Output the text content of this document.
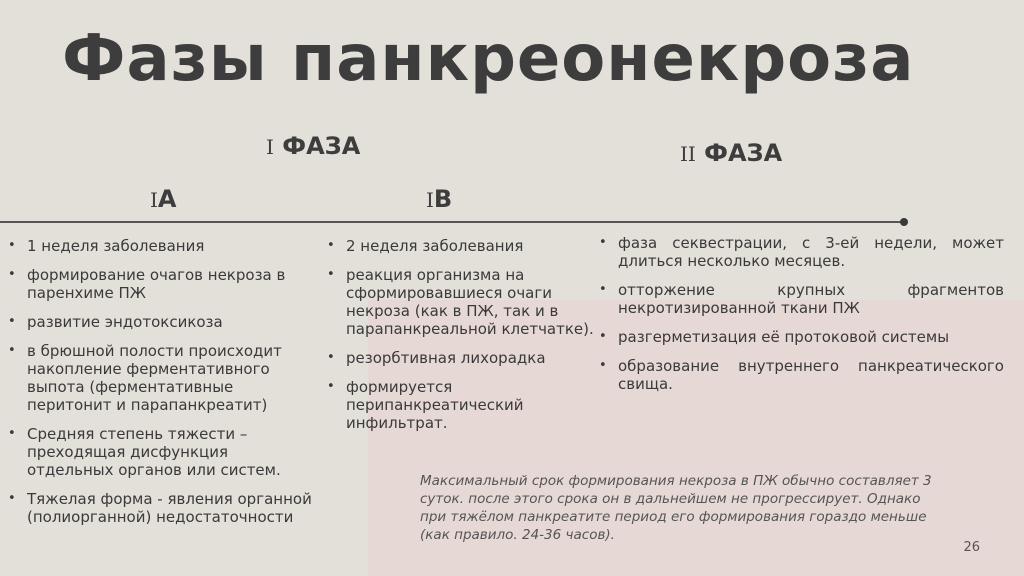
Фазы панкреонекроза
I ФАЗА	II ФАЗА
IА	IВ
• 1 неделя заболевания
• формирование очагов некроза в паренхиме ПЖ
• развитие эндотоксикоза
• в брюшной полости происходит накопление ферментативного выпота (ферментативные перитонит и парапанкреатит)
• Средняя степень тяжести – преходящая дисфункция отдельных органов или систем.
• Тяжелая форма - явления органной (полиорганной) недостаточности
• 2 неделя заболевания
• реакция организма на сформировавшиеся очаги некроза (как в ПЖ, так и в парапанкреальной клетчатке).
• резорбтивная лихорадка
• формируется перипанкреатический инфильтрат.
• фаза секвестрации, с 3-ей недели, может длиться несколько месяцев.
• отторжение крупных фрагментов некротизированной ткани ПЖ
• разгерметизация её протоковой системы
• образование внутреннего панкреатического свища.
Максимальный срок формирования некроза в ПЖ обычно составляет 3 суток. после этого срока он в дальнейшем не прогрессирует. Однако при тяжёлом панкреатите период его формирования гораздо меньше (как правило. 24-36 часов).
26
